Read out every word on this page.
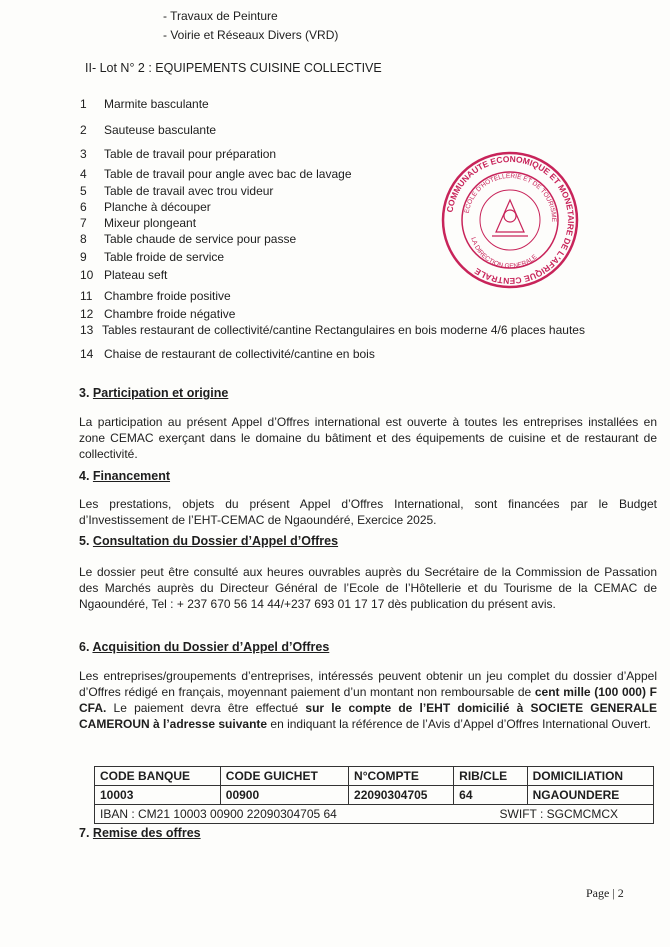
- Travaux de Peinture
- Voirie et Réseaux Divers (VRD)
II- Lot N° 2 : EQUIPEMENTS CUISINE COLLECTIVE
1 Marmite basculante
2 Sauteuse basculante
3 Table de travail pour préparation
4 Table de travail pour angle avec bac de lavage
5 Table de travail avec trou videur
6 Planche à découper
7 Mixeur plongeant
8 Table chaude de service pour passe
9 Table froide de service
10 Plateau seft
11 Chambre froide positive
12 Chambre froide négative
13 Tables restaurant de collectivité/cantine Rectangulaires en bois moderne 4/6 places hautes
14 Chaise de restaurant de collectivité/cantine en bois
COMMUNAUTE ECONOMIQUE ET MONETAIRE DE L'AFRIQUE CENTRALE
ECOLE D'HOTELLERIE ET DE TOURISME
LA DIRECTION GENERALE
3. Participation et origine
La participation au présent Appel d’Offres international est ouverte à toutes les entreprises installées en zone CEMAC exerçant dans le domaine du bâtiment et des équipements de cuisine et de restaurant de collectivité.
4. Financement
Les prestations, objets du présent Appel d’Offres International, sont financées par le Budget d’Investissement de l’EHT-CEMAC de Ngaoundéré, Exercice 2025.
5. Consultation du Dossier d’Appel d’Offres
Le dossier peut être consulté aux heures ouvrables auprès du Secrétaire de la Commission de Passation des Marchés auprès du Directeur Général de l’Ecole de l’Hôtellerie et du Tourisme de la CEMAC de Ngaoundéré, Tel : + 237 670 56 14 44/+237 693 01 17 17 dès publication du présent avis.
6. Acquisition du Dossier d’Appel d’Offres
Les entreprises/groupements d’entreprises, intéressés peuvent obtenir un jeu complet du dossier d’Appel d’Offres rédigé en français, moyennant paiement d’un montant non remboursable de cent mille (100 000) F CFA. Le paiement devra être effectué sur le compte de l’EHT domicilié à SOCIETE GENERALE CAMEROUN à l’adresse suivante en indiquant la référence de l’Avis d’Appel d’Offres International Ouvert.
CODE BANQUE	CODE GUICHET	N°COMPTE	RIB/CLE	DOMICILIATION
10003	00900	22090304705	64	NGAOUNDERE

IBAN : CM21 10003 00900 22090304705 64 SWIFT : SGCMCMCX				
7. Remise des offres
Page | 2
